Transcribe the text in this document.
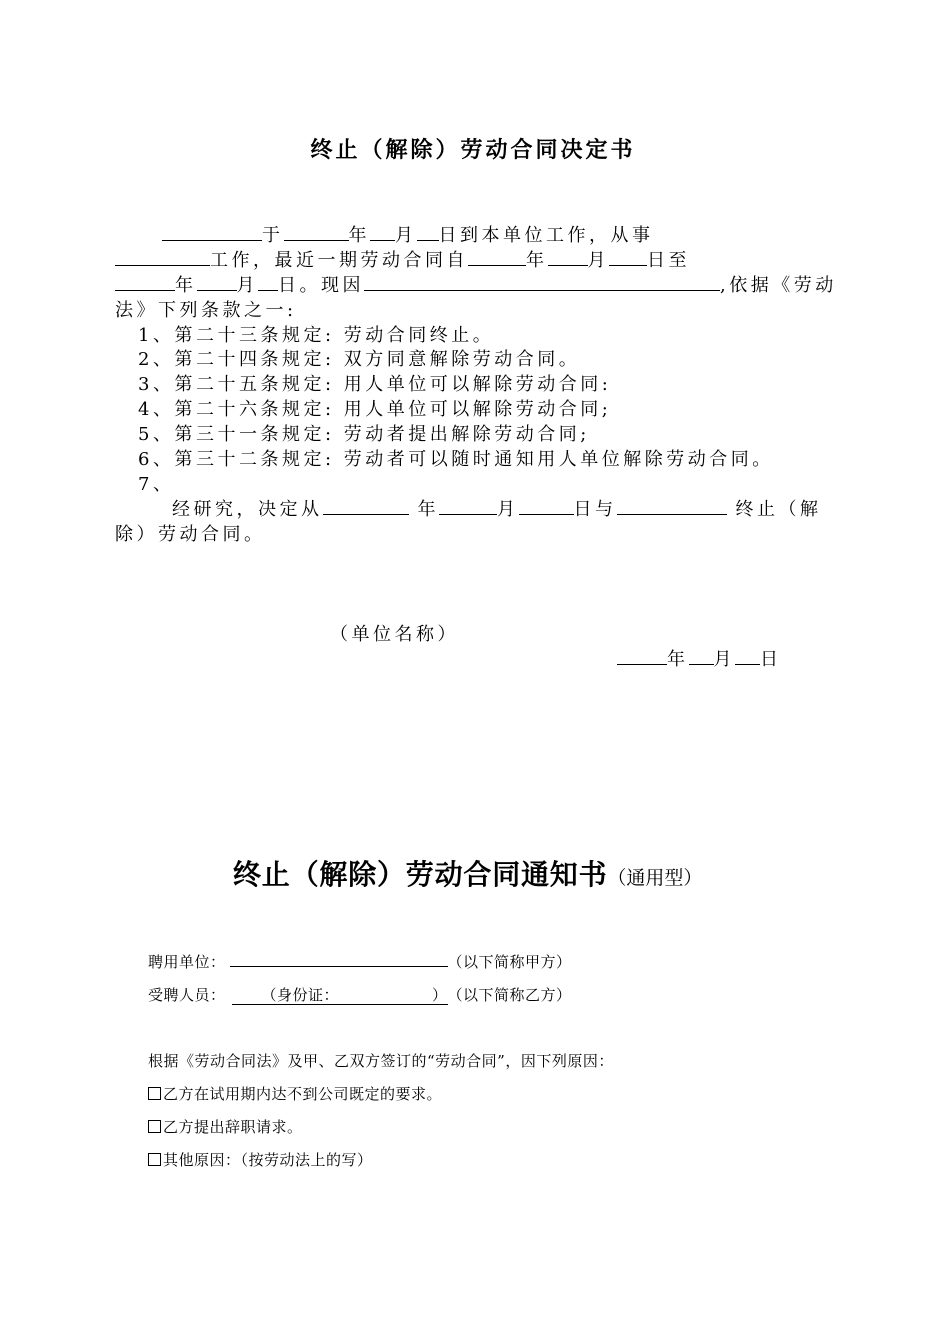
终止（解除）劳动合同决定书
于	年 月 日到本单位工作，从事
工作，最近一期劳动合同自	年 月 日至
年 月 日。现因	,依据《劳动
法》下列条款之一:
1、第二十三条规定: 劳动合同终止。
2、第二十四条规定: 双方同意解除劳动合同。
3、第二十五条规定: 用人单位可以解除劳动合同:
4、第二十六条规定: 用人单位可以解除劳动合同;
5、第三十一条规定: 劳动者提出解除劳动合同;
6、第三十二条规定: 劳动者可以随时通知用人单位解除劳动合同。
7、
经研究，决定从	年	月	日与	终止（解
除）劳动合同。
（单位名称）
年 月 日
终止（解除）劳动合同通知书（通用型）
聘用单位：	（以下简称甲方）
受聘人员： （身份证：	）（以下简称乙方）
根据《劳动合同法》及甲、乙双方签订的“劳动合同”，因下列原因：
乙方在试用期内达不到公司既定的要求。
乙方提出辞职请求。
其他原因：（按劳动法上的写）
